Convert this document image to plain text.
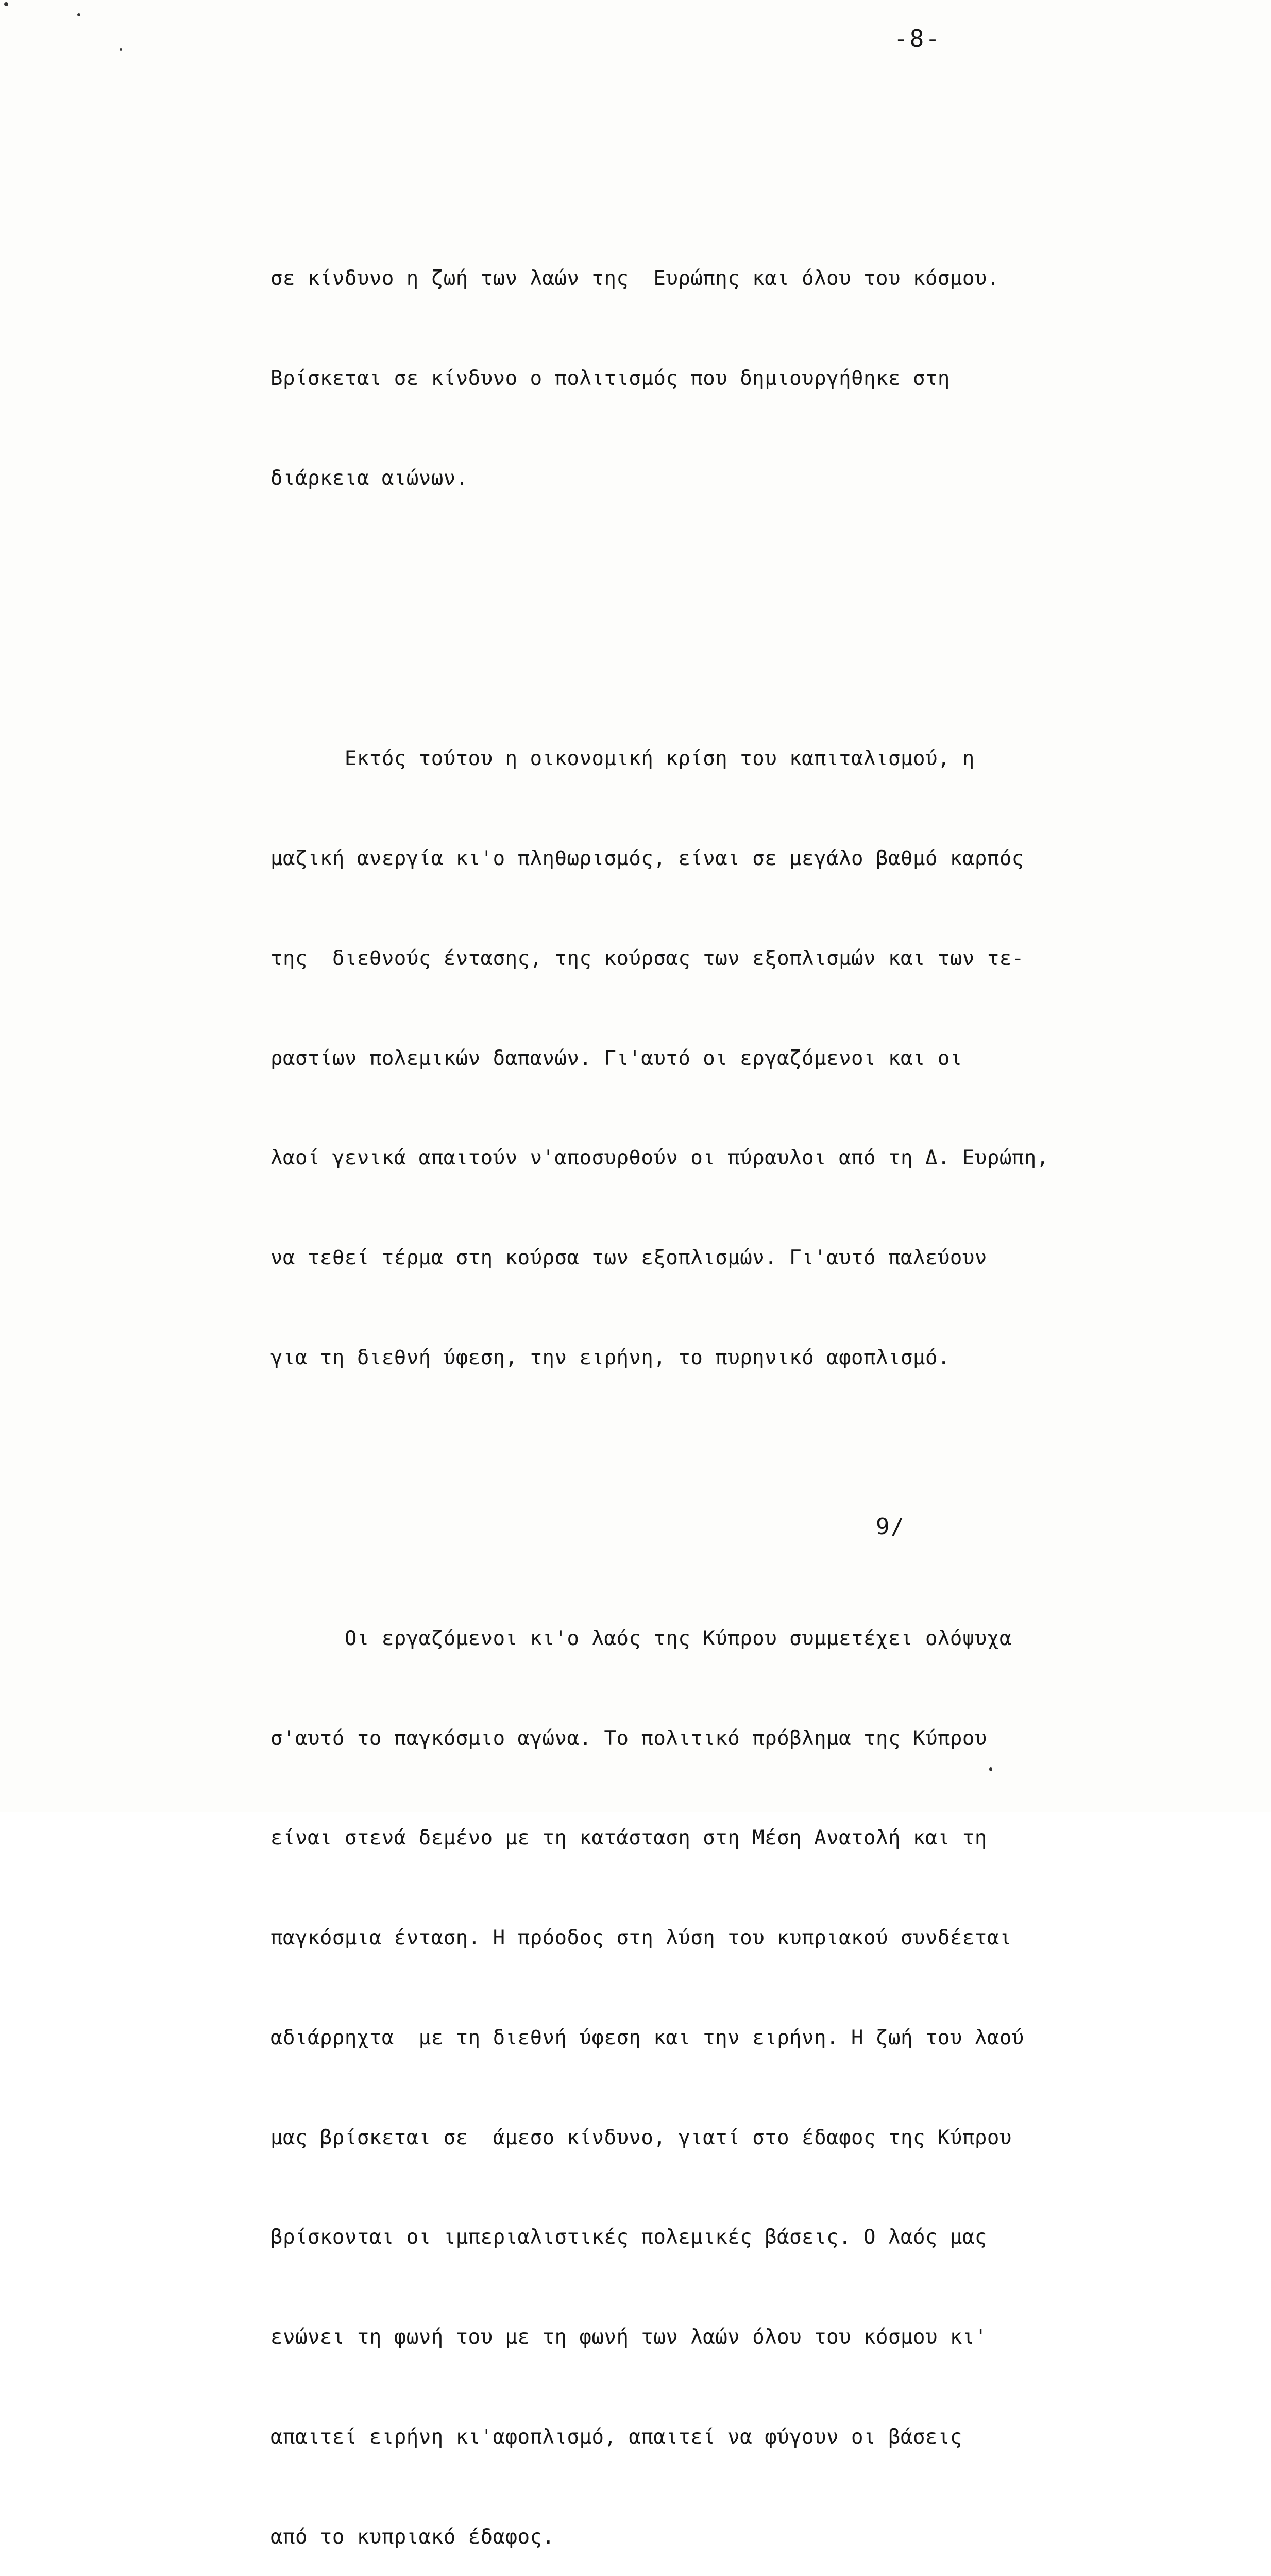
-8-

σε κίνδυνο η ζωή των λαών της  Ευρώπης και όλου του κόσμου.

Βρίσκεται σε κίνδυνο ο πολιτισμός που δημιουργήθηκε στη

διάρκεια αιώνων.

Εκτός τούτου η οικονομική κρίση του καπιταλισμού, η

μαζική ανεργία κι'ο πληθωρισμός, είναι σε μεγάλο βαθμό καρπός

της  διεθνούς έντασης, της κούρσας των εξοπλισμών και των τε-

ραστίων πολεμικών δαπανών. Γι'αυτό οι εργαζόμενοι και οι

λαοί γενικά απαιτούν ν'αποσυρθούν οι πύραυλοι από τη Δ. Ευρώπη,

να τεθεί τέρμα στη κούρσα των εξοπλισμών. Γι'αυτό παλεύουν

για τη διεθνή ύφεση, την ειρήνη, το πυρηνικό αφοπλισμό.

Οι εργαζόμενοι κι'ο λαός της Κύπρου συμμετέχει ολόψυχα

σ'αυτό το παγκόσμιο αγώνα. Το πολιτικό πρόβλημα της Κύπρου

είναι στενά δεμένο με τη κατάσταση στη Μέση Ανατολή και τη

παγκόσμια ένταση. Η πρόοδος στη λύση του κυπριακού συνδέεται

αδιάρρηχτα  με τη διεθνή ύφεση και την ειρήνη. Η ζωή του λαού

μας βρίσκεται σε  άμεσο κίνδυνο, γιατί στο έδαφος της Κύπρου

βρίσκονται οι ιμπεριαλιστικές πολεμικές βάσεις. Ο λαός μας

ενώνει τη φωνή του με τη φωνή των λαών όλου του κόσμου κι'

απαιτεί ειρήνη κι'αφοπλισμό, απαιτεί να φύγουν οι βάσεις

από το κυπριακό έδαφος.

9/
